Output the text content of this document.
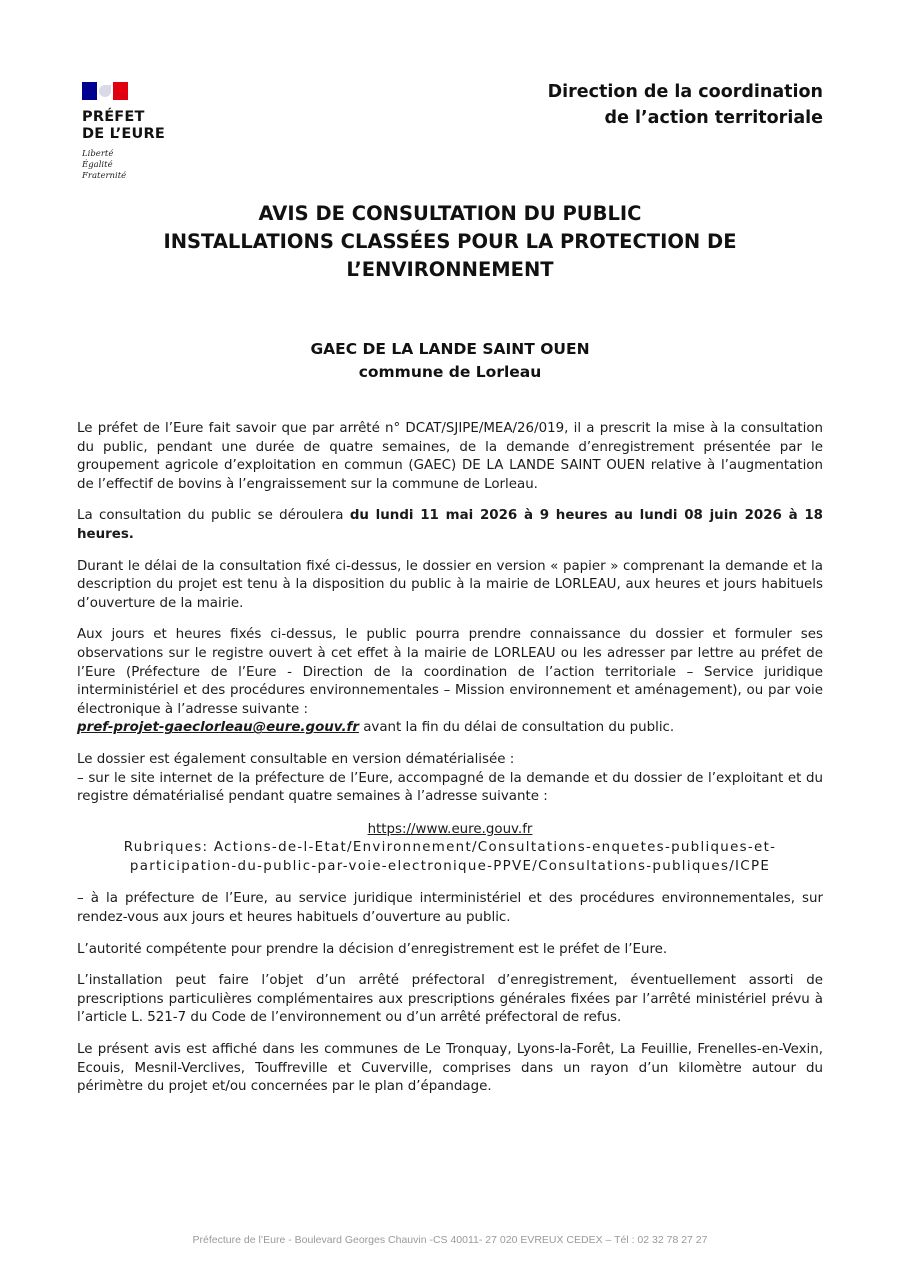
PRÉFET
DE L’EURE
Liberté
Égalité
Fraternité
Direction de la coordination
de l’action territoriale
AVIS DE CONSULTATION DU PUBLIC
INSTALLATIONS CLASSÉES POUR LA PROTECTION DE
L’ENVIRONNEMENT
GAEC DE LA LANDE SAINT OUEN
commune de Lorleau

Le préfet de l’Eure fait savoir que par arrêté n° DCAT/SJIPE/MEA/26/019, il a prescrit la mise à la consultation du public, pendant une durée de quatre semaines, de la demande d’enregistrement présentée par le groupement agricole d’exploitation en commun (GAEC) DE LA LANDE SAINT OUEN relative à l’augmentation de l’effectif de bovins à l’engraissement sur la commune de Lorleau.

La consultation du public se déroulera du lundi 11 mai 2026 à 9 heures au lundi 08 juin 2026 à 18 heures.

Durant le délai de la consultation fixé ci-dessus, le dossier en version « papier » comprenant la demande et la description du projet est tenu à la disposition du public à la mairie de LORLEAU, aux heures et jours habituels d’ouverture de la mairie.

Aux jours et heures fixés ci-dessus, le public pourra prendre connaissance du dossier et formuler ses observations sur le registre ouvert à cet effet à la mairie de LORLEAU ou les adresser par lettre au préfet de l’Eure (Préfecture de l’Eure - Direction de la coordination de l’action territoriale – Service juridique interministériel et des procédures environnementales – Mission environnement et aménagement), ou par voie électronique à l’adresse suivante :
pref-projet-gaeclorleau@eure.gouv.fr avant la fin du délai de consultation du public.

Le dossier est également consultable en version dématérialisée :
– sur le site internet de la préfecture de l’Eure, accompagné de la demande et du dossier de l’exploitant et du registre dématérialisé pendant quatre semaines à l’adresse suivante :

https://www.eure.gouv.fr

Rubriques: Actions-de-l-Etat/Environnement/Consultations-enquetes-publiques-et-participation-du-public-par-voie-electronique-PPVE/Consultations-publiques/ICPE

– à la préfecture de l’Eure, au service juridique interministériel et des procédures environnementales, sur rendez-vous aux jours et heures habituels d’ouverture au public.

L’autorité compétente pour prendre la décision d’enregistrement est le préfet de l’Eure.

L’installation peut faire l’objet d’un arrêté préfectoral d’enregistrement, éventuellement assorti de prescriptions particulières complémentaires aux prescriptions générales fixées par l’arrêté ministériel prévu à l’article L. 521-7 du Code de l’environnement ou d’un arrêté préfectoral de refus.

Le présent avis est affiché dans les communes de Le Tronquay, Lyons-la-Forêt, La Feuillie, Frenelles-en-Vexin, Ecouis, Mesnil-Verclives, Touffreville et Cuverville, comprises dans un rayon d’un kilomètre autour du périmètre du projet et/ou concernées par le plan d’épandage.

Préfecture de l’Eure - Boulevard Georges Chauvin -CS 40011- 27 020 EVREUX CEDEX – Tél : 02 32 78 27 27
